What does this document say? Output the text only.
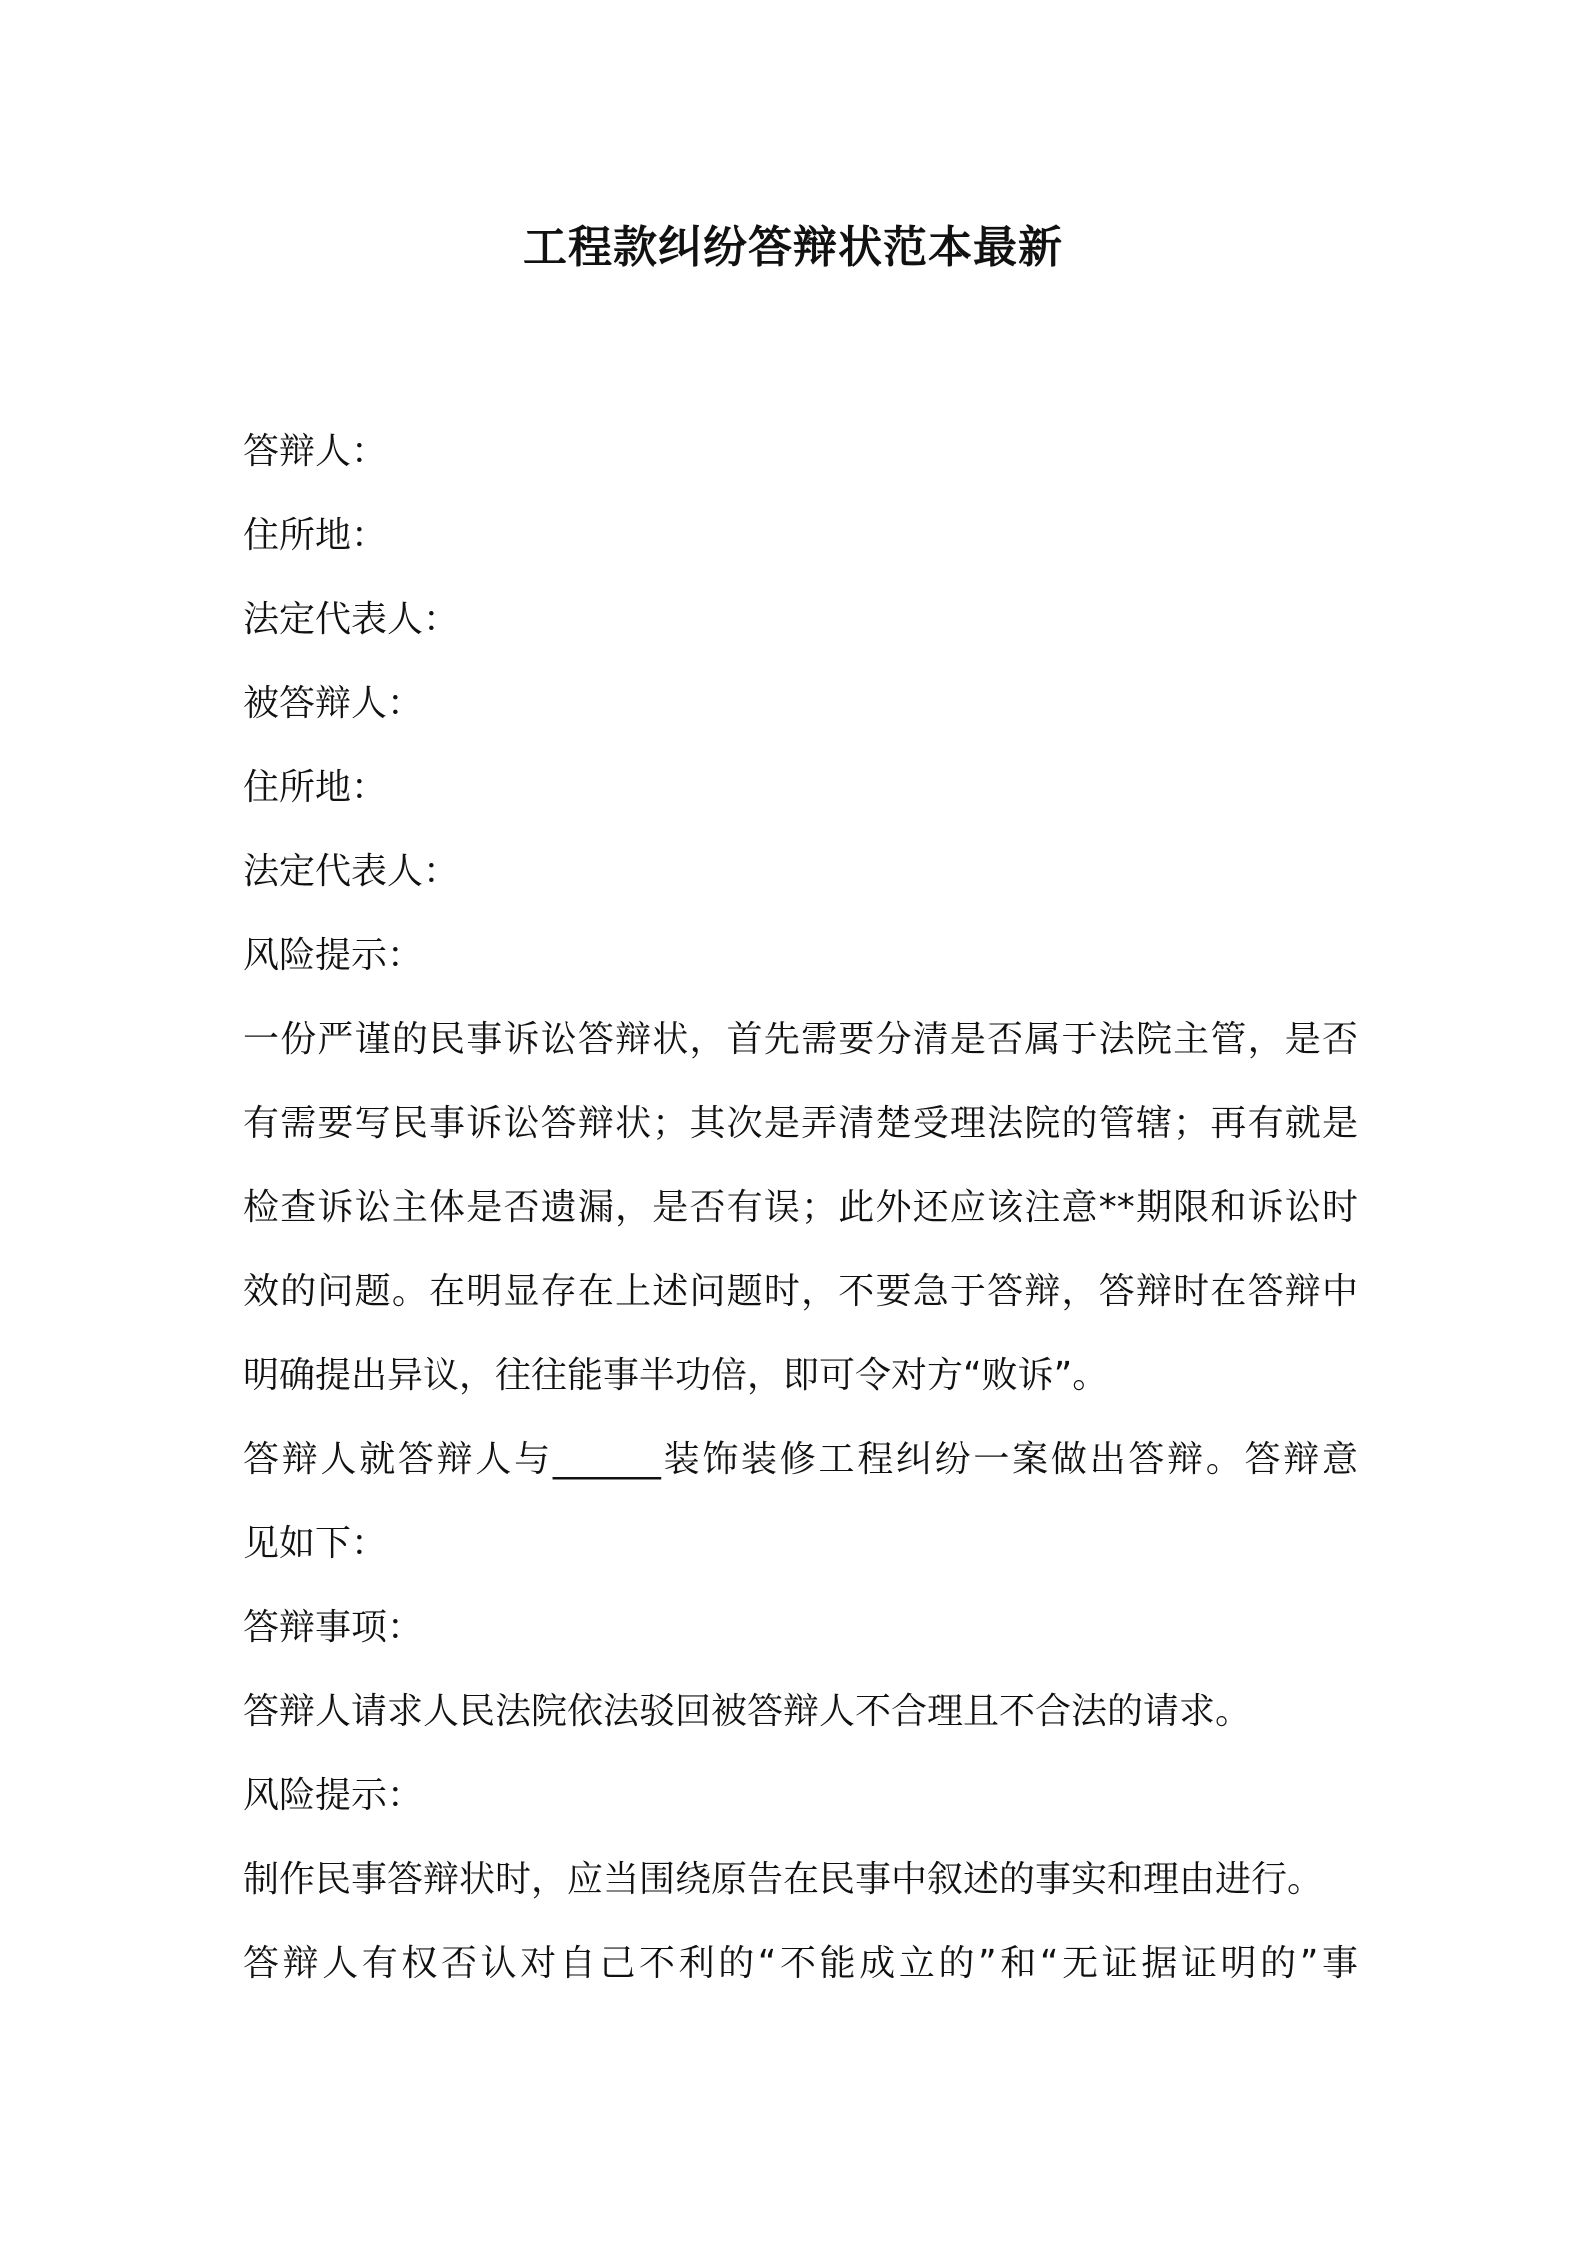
工程款纠纷答辩状范本最新
答辩人：
住所地：
法定代表人：
被答辩人：
住所地：
法定代表人：
风险提示：
一份严谨的民事诉讼答辩状，首先需要分清是否属于法院主管，是否
有需要写民事诉讼答辩状；其次是弄清楚受理法院的管辖；再有就是
检查诉讼主体是否遗漏，是否有误；此外还应该注意**期限和诉讼时
效的问题。在明显存在上述问题时，不要急于答辩，答辩时在答辩中
明确提出异议，往往能事半功倍，即可令对方“败诉”。
答辩人就答辩人与______装饰装修工程纠纷一案做出答辩。答辩意
见如下：
答辩事项：
答辩人请求人民法院依法驳回被答辩人不合理且不合法的请求。
风险提示：
制作民事答辩状时，应当围绕原告在民事中叙述的事实和理由进行。
答辩人有权否认对自己不利的“不能成立的”和“无证据证明的”事
